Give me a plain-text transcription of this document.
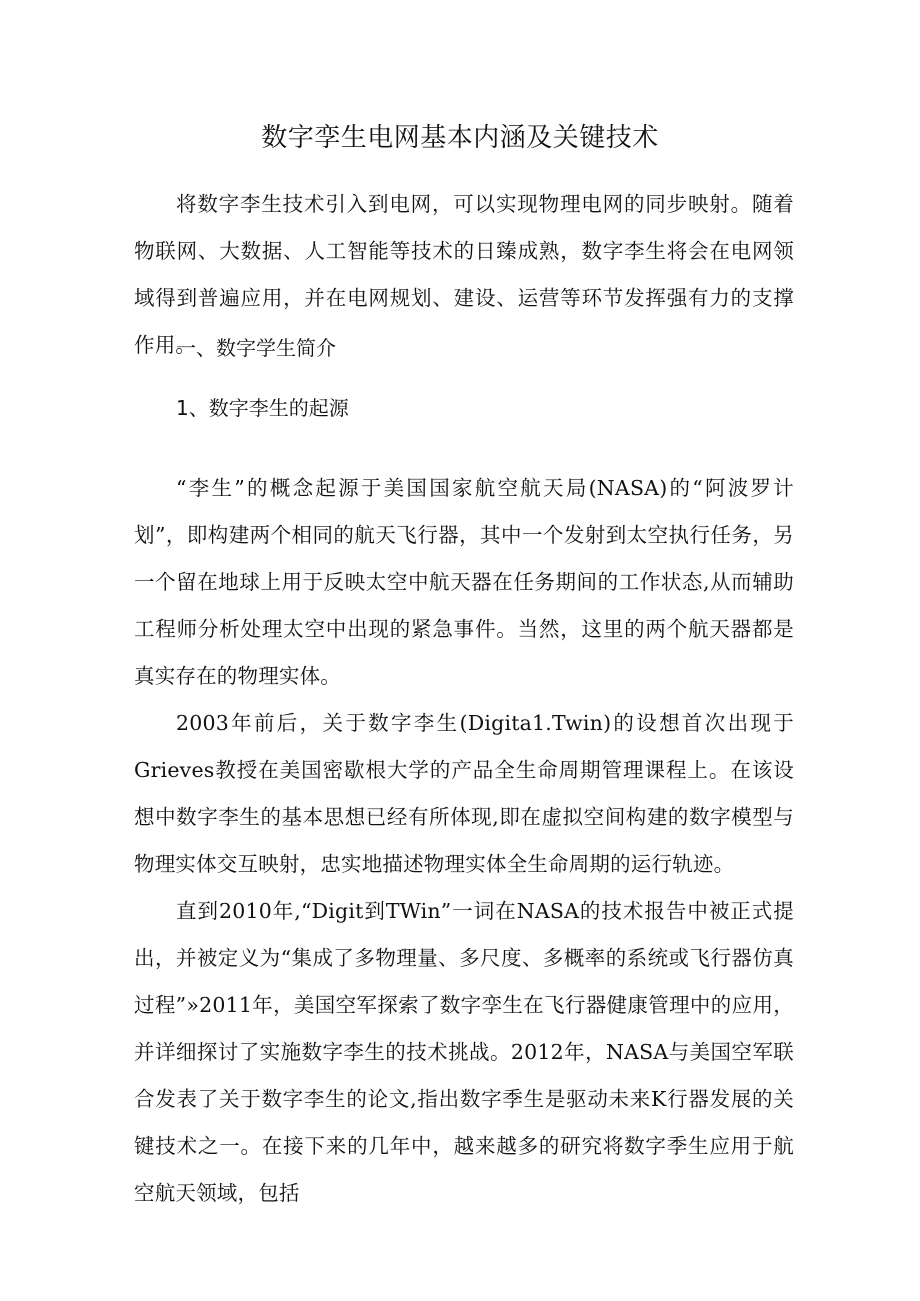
数字孪生电网基本内涵及关键技术

将数字李生技术引入到电网，可以实现物理电网的同步映射。随着物联网、大数据、人工智能等技术的日臻成熟，数字李生将会在电网领域得到普遍应用，并在电网规划、建设、运营等环节发挥强有力的支撑作用。

一、数字学生简介
1、数字李生的起源

“李生”的概念起源于美国国家航空航天局(NASA)的“阿波罗计划”，即构建两个相同的航天飞行器，其中一个发射到太空执行任务，另一个留在地球上用于反映太空中航天器在任务期间的工作状态,从而辅助工程师分析处理太空中出现的紧急事件。当然，这里的两个航天器都是真实存在的物理实体。

2003年前后，关于数字李生(Digita1.Twin)的设想首次出现于Grieves教授在美国密歇根大学的产品全生命周期管理课程上。在该设想中数字李生的基本思想已经有所体现,即在虚拟空间构建的数字模型与物理实体交互映射，忠实地描述物理实体全生命周期的运行轨迹。

直到2010年,“Digit到TWin”一词在NASA的技术报告中被正式提出，并被定义为“集成了多物理量、多尺度、多概率的系统或飞行器仿真过程”»2011年，美国空军探索了数字孪生在飞行器健康管理中的应用，并详细探讨了实施数字李生的技术挑战。2012年，NASA与美国空军联合发表了关于数字李生的论文,指出数字季生是驱动未来K行器发展的关键技术之一。在接下来的几年中，越来越多的研究将数字季生应用于航空航天领域，包括
